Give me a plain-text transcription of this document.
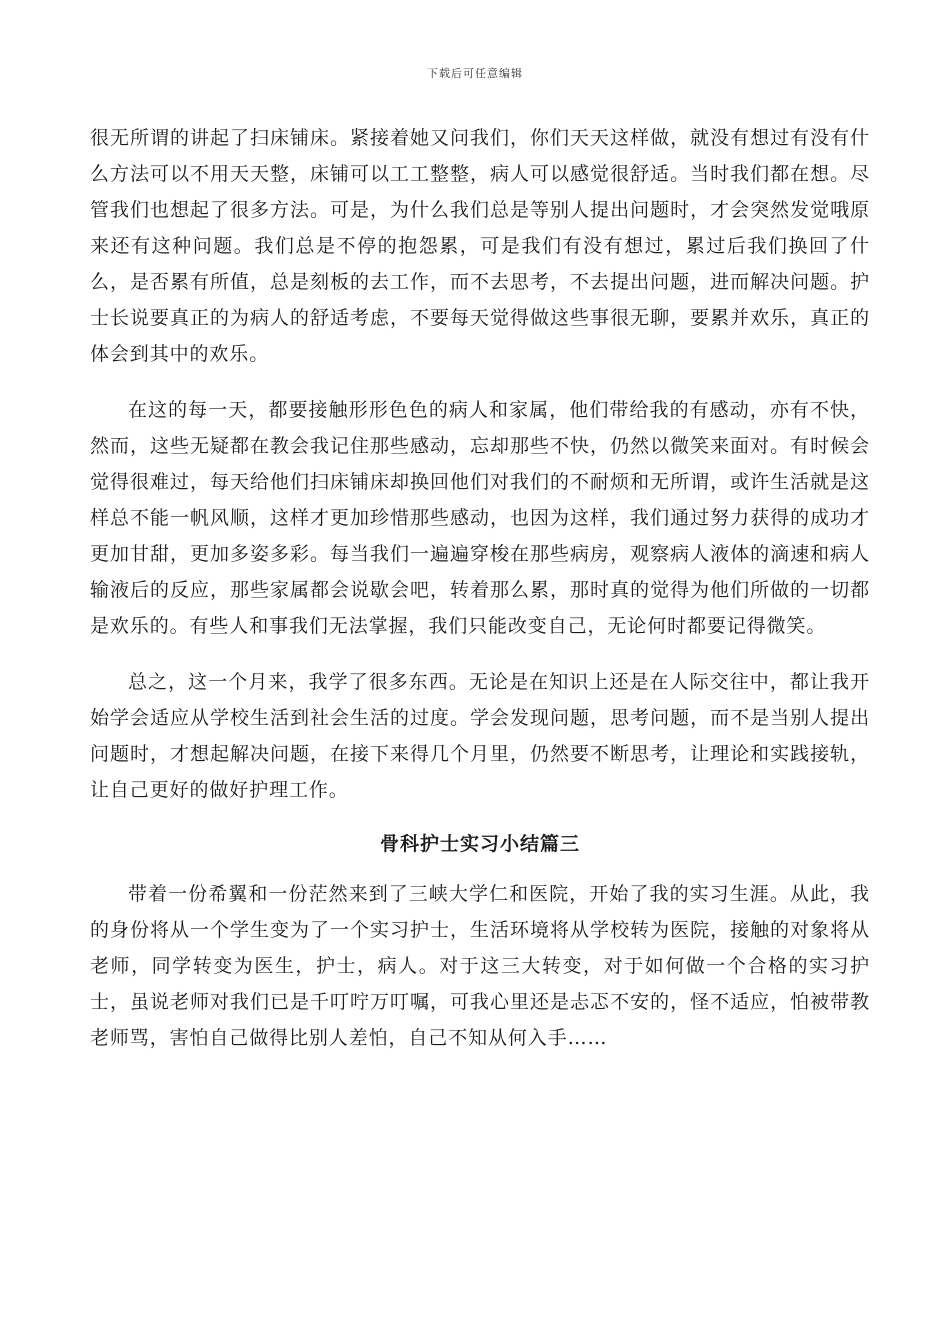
下载后可任意编辑

很无所谓的讲起了扫床铺床。紧接着她又问我们，你们天天这样做，就没有想过有没有什么方法可以不用天天整，床铺可以工工整整，病人可以感觉很舒适。当时我们都在想。尽管我们也想起了很多方法。可是，为什么我们总是等别人提出问题时，才会突然发觉哦原来还有这种问题。我们总是不停的抱怨累，可是我们有没有想过，累过后我们换回了什么，是否累有所值，总是刻板的去工作，而不去思考，不去提出问题，进而解决问题。护士长说要真正的为病人的舒适考虑，不要每天觉得做这些事很无聊，要累并欢乐，真正的体会到其中的欢乐。

在这的每一天，都要接触形形色色的病人和家属，他们带给我的有感动，亦有不快，然而，这些无疑都在教会我记住那些感动，忘却那些不快，仍然以微笑来面对。有时候会觉得很难过，每天给他们扫床铺床却换回他们对我们的不耐烦和无所谓，或许生活就是这样总不能一帆风顺，这样才更加珍惜那些感动，也因为这样，我们通过努力获得的成功才更加甘甜，更加多姿多彩。每当我们一遍遍穿梭在那些病房，观察病人液体的滴速和病人输液后的反应，那些家属都会说歇会吧，转着那么累，那时真的觉得为他们所做的一切都是欢乐的。有些人和事我们无法掌握，我们只能改变自己，无论何时都要记得微笑。

总之，这一个月来，我学了很多东西。无论是在知识上还是在人际交往中，都让我开始学会适应从学校生活到社会生活的过度。学会发现问题，思考问题，而不是当别人提出问题时，才想起解决问题，在接下来得几个月里，仍然要不断思考，让理论和实践接轨，让自己更好的做好护理工作。

骨科护士实习小结篇三

带着一份希翼和一份茫然来到了三峡大学仁和医院，开始了我的实习生涯。从此，我的身份将从一个学生变为了一个实习护士，生活环境将从学校转为医院，接触的对象将从老师，同学转变为医生，护士，病人。对于这三大转变，对于如何做一个合格的实习护士，虽说老师对我们已是千叮咛万叮嘱，可我心里还是忐忑不安的，怪不适应，怕被带教老师骂，害怕自己做得比别人差怕，自己不知从何入手……
